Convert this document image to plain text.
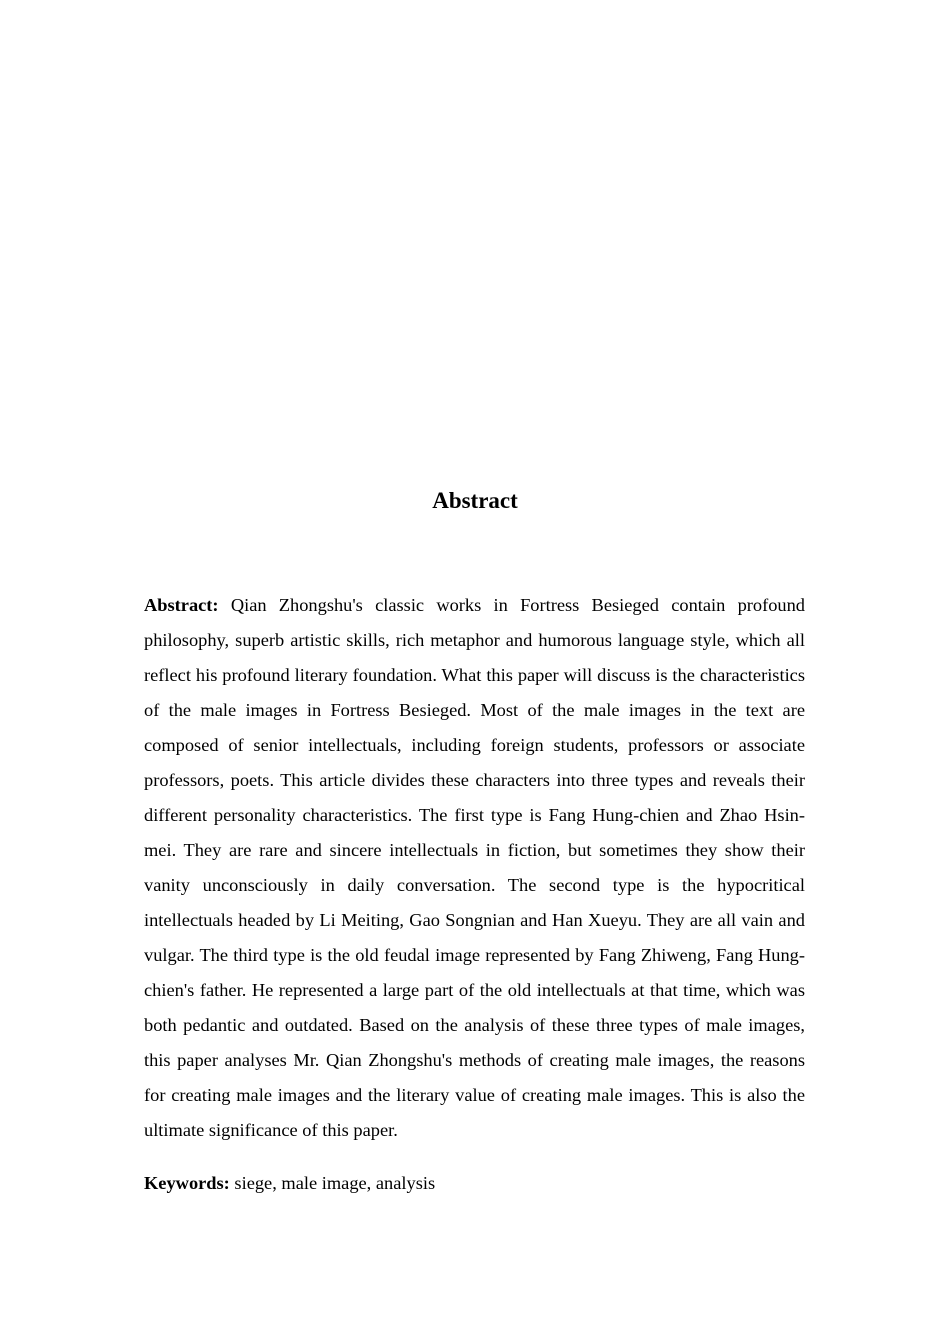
Abstract

Abstract: Qian Zhongshu's classic works in Fortress Besieged contain profound philosophy, superb artistic skills, rich metaphor and humorous language style, which all reflect his profound literary foundation. What this paper will discuss is the characteristics of the male images in Fortress Besieged. Most of the male images in the text are composed of senior intellectuals, including foreign students, professors or associate professors, poets. This article divides these characters into three types and reveals their different personality characteristics. The first type is Fang Hung-chien and Zhao Hsin-mei. They are rare and sincere intellectuals in fiction, but sometimes they show their vanity unconsciously in daily conversation. The second type is the hypocritical intellectuals headed by Li Meiting, Gao Songnian and Han Xueyu. They are all vain and vulgar. The third type is the old feudal image represented by Fang Zhiweng, Fang Hung-chien's father. He represented a large part of the old intellectuals at that time, which was both pedantic and outdated. Based on the analysis of these three types of male images, this paper analyses Mr. Qian Zhongshu's methods of creating male images, the reasons for creating male images and the literary value of creating male images. This is also the ultimate significance of this paper.

Keywords: siege, male image, analysis
